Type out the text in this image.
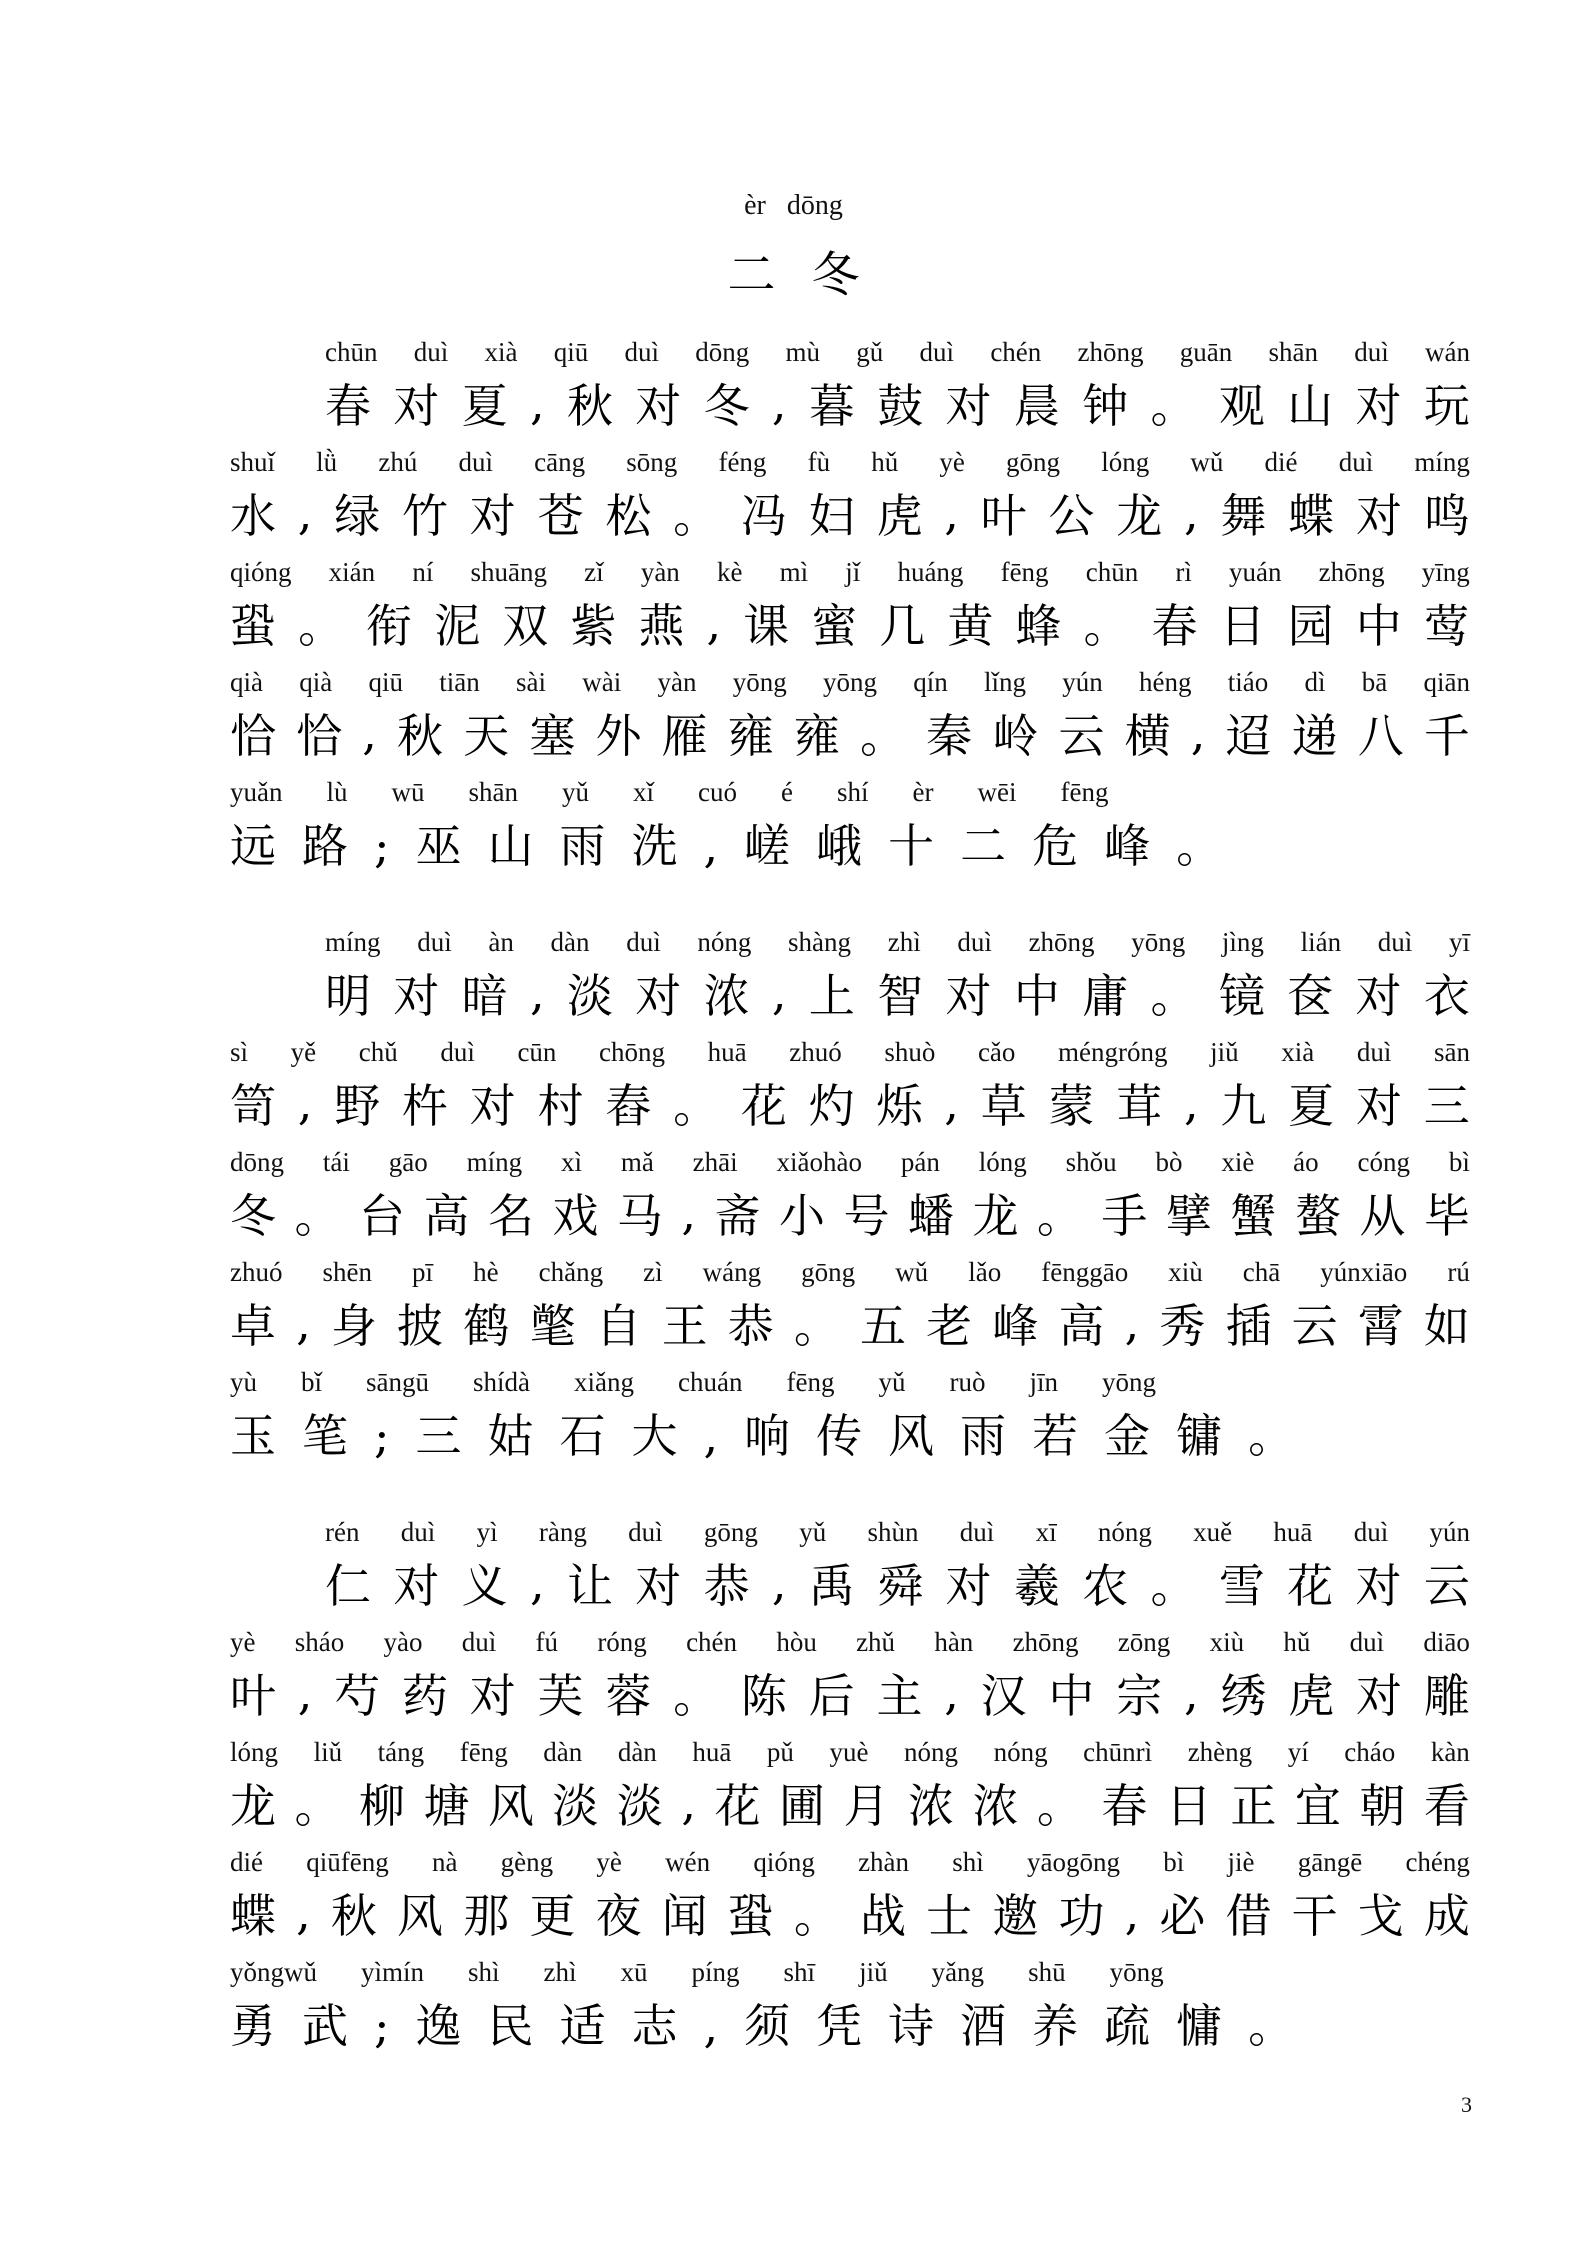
èr dōng
二冬
chūn duì xià qiū duì dōng mù gǔ duì chén zhōng guān shān duì wán
春 对 夏 , 秋 对 冬 , 暮 鼓 对 晨 钟 。 观 山 对 玩
shuǐ lǜ zhú duì cāng sōng féng fù hǔ yè gōng lóng wǔ dié duì míng
水 , 绿 竹 对 苍 松 。 冯 妇 虎 , 叶 公 龙 , 舞 蝶 对 鸣
qióng xián ní shuāng zǐ yàn kè mì jǐ huáng fēng chūn rì yuán zhōng yīng
蛩 。 衔 泥 双 紫 燕 , 课 蜜 几 黄 蜂 。 春 日 园 中 莺
qià qià qiū tiān sài wài yàn yōng yōng qín lǐng yún héng tiáo dì bā qiān
恰 恰 , 秋 天 塞 外 雁 雍 雍 。 秦 岭 云 横 , 迢 递 八 千
yuǎn lù wū shān yǔ xǐ cuó é shí èr wēi fēng
远路;巫山雨洗,嵯峨十二危峰。
míng duì àn dàn duì nóng shàng zhì duì zhōng yōng jìng lián duì yī
明 对 暗 , 淡 对 浓 , 上 智 对 中 庸 。 镜 奁 对 衣
sì yě chǔ duì cūn chōng huā zhuó shuò cǎo méngróng jiǔ xià duì sān
笥 , 野 杵 对 村 舂 。 花 灼 烁 , 草 蒙 茸 , 九 夏 对 三
dōng tái gāo míng xì mǎ zhāi xiǎohào pán lóng shǒu bò xiè áo cóng bì
冬 。 台 高 名 戏 马 , 斋 小 号 蟠 龙 。 手 擘 蟹 螯 从 毕
zhuó shēn pī hè chǎng zì wáng gōng wǔ lǎo fēnggāo xiù chā yúnxiāo rú
卓 , 身 披 鹤 氅 自 王 恭 。 五 老 峰 高 , 秀 插 云 霄 如
yù bǐ sāngū shídà xiǎng chuán fēng yǔ ruò jīn yōng
玉笔;三姑石大,响传风雨若金镛。
rén duì yì ràng duì gōng yǔ shùn duì xī nóng xuě huā duì yún
仁 对 义 , 让 对 恭 , 禹 舜 对 羲 农 。 雪 花 对 云
yè sháo yào duì fú róng chén hòu zhǔ hàn zhōng zōng xiù hǔ duì diāo
叶 , 芍 药 对 芙 蓉 。 陈 后 主 , 汉 中 宗 , 绣 虎 对 雕
lóng liǔ táng fēng dàn dàn huā pǔ yuè nóng nóng chūnrì zhèng yí cháo kàn
龙 。 柳 塘 风 淡 淡 , 花 圃 月 浓 浓 。 春 日 正 宜 朝 看
dié qiūfēng nà gèng yè wén qióng zhàn shì yāogōng bì jiè gāngē chéng
蝶 , 秋 风 那 更 夜 闻 蛩 。 战 士 邀 功 , 必 借 干 戈 成
yǒngwǔ yìmín shì zhì xū píng shī jiǔ yǎng shū yōng
勇武;逸民适志,须凭诗酒养疏慵。
3
